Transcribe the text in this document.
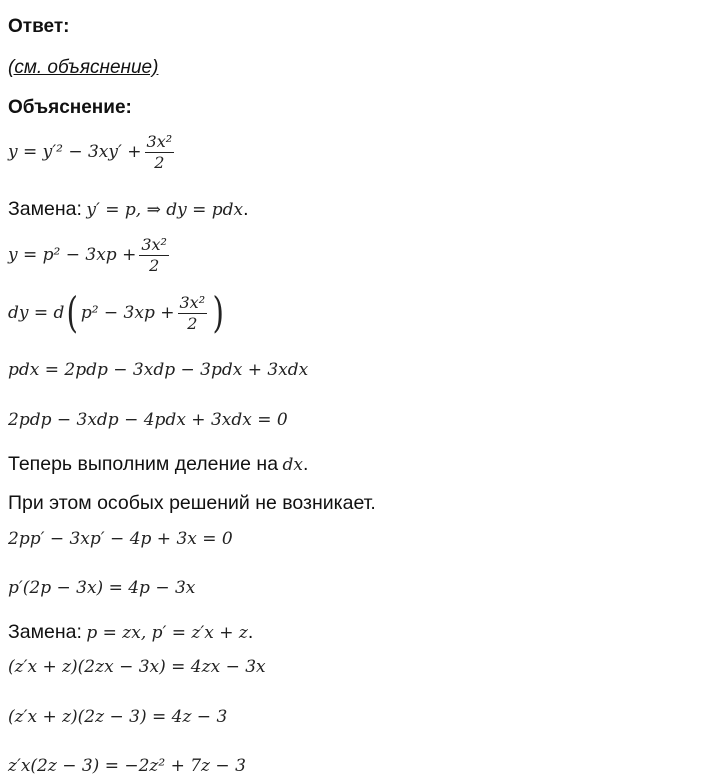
Ответ:
(см. объяснение)
Объяснение:
$y = y'^2 - 3xy' + \frac{\text{3x²}}{2}$
Замена: y′ = p, ⇒ dy = pdx.
$y = p^2 - 3xp + \frac{\text{3x²}}{2}$
dy = d ( $p^2 - 3xp + \frac{\text{3x²}}{2}$ )
pdx = 2pdp − 3xdp − 3pdx + 3xdx
2pdp − 3xdp − 4pdx + 3xdx = 0
Теперь выполним деление на dx.
При этом особых решений не возникает.
2pp′ − 3xp′ − 4p + 3x = 0
p′(2p − 3x) = 4p − 3x
Замена: p = zx, p′ = z′x + z.
(z′x + z)(2zx − 3x) = 4zx − 3x
(z′x + z)(2z − 3) = 4z − 3
z′x(2z − 3) = −2z² + 7z − 3
